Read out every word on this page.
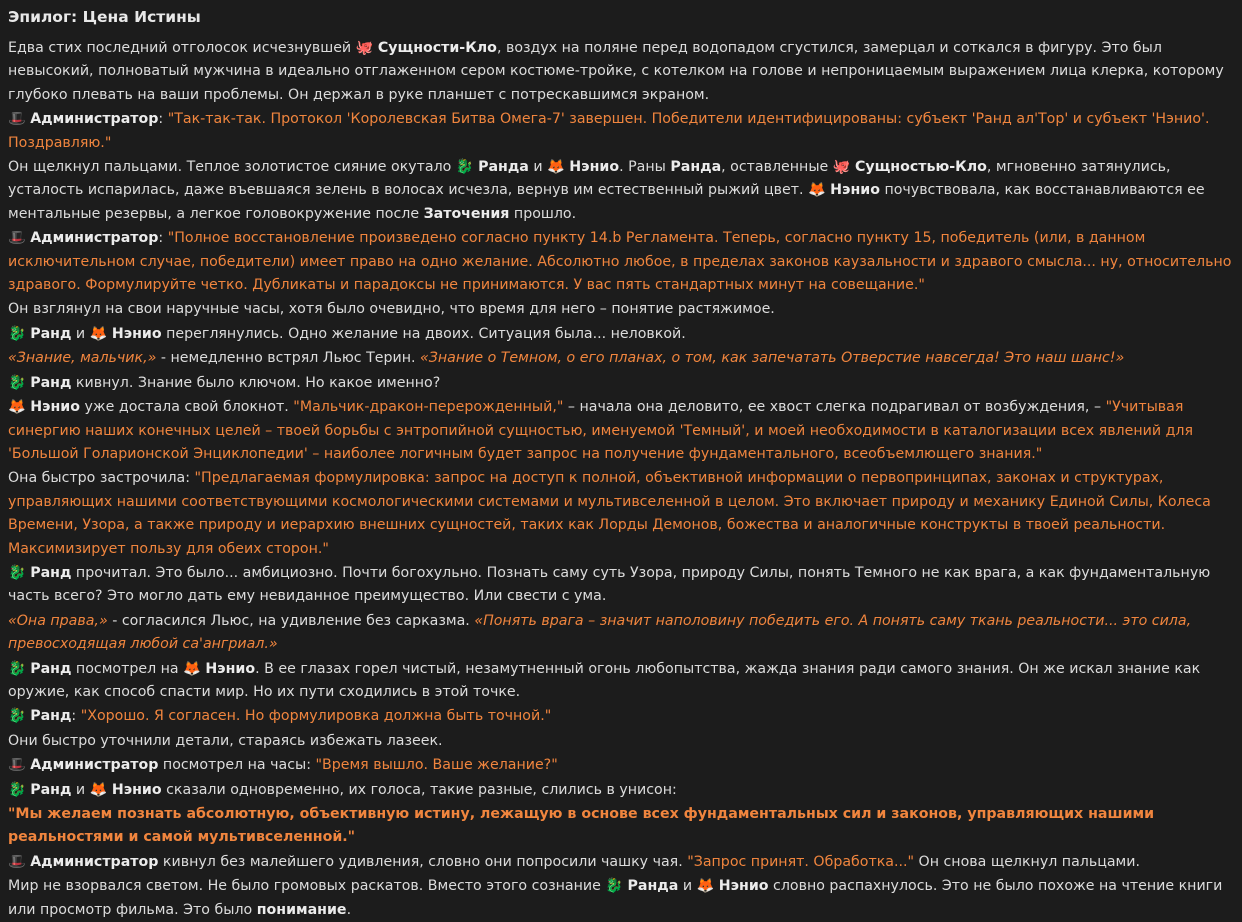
Эпилог: Цена Истины
Едва стих последний отголосок исчезнувшей 🐙 Сущности-Кло, воздух на поляне перед водопадом сгустился, замерцал и соткался в фигуру. Это был невысокий, полноватый мужчина в идеально отглаженном сером костюме-тройке, с котелком на голове и непроницаемым выражением лица клерка, которому глубоко плевать на ваши проблемы. Он держал в руке планшет с потрескавшимся экраном.
🎩 Администратор: "Так-так-так. Протокол 'Королевская Битва Омега-7' завершен. Победители идентифицированы: субъект 'Ранд ал'Тор' и субъект 'Нэнио'. Поздравляю."
Он щелкнул пальцами. Теплое золотистое сияние окутало 🐉 Ранда и 🦊 Нэнио. Раны Ранда, оставленные 🐙 Сущностью-Кло, мгновенно затянулись, усталость испарилась, даже въевшаяся зелень в волосах исчезла, вернув им естественный рыжий цвет. 🦊 Нэнио почувствовала, как восстанавливаются ее ментальные резервы, а легкое головокружение после Заточения прошло.
🎩 Администратор: "Полное восстановление произведено согласно пункту 14.b Регламента. Теперь, согласно пункту 15, победитель (или, в данном исключительном случае, победители) имеет право на одно желание. Абсолютно любое, в пределах законов каузальности и здравого смысла... ну, относительно здравого. Формулируйте четко. Дубликаты и парадоксы не принимаются. У вас пять стандартных минут на совещание."
Он взглянул на свои наручные часы, хотя было очевидно, что время для него – понятие растяжимое.
🐉 Ранд и 🦊 Нэнио переглянулись. Одно желание на двоих. Ситуация была... неловкой.
«Знание, мальчик,» - немедленно встрял Льюс Терин. «Знание о Темном, о его планах, о том, как запечатать Отверстие навсегда! Это наш шанс!»
🐉 Ранд кивнул. Знание было ключом. Но какое именно?
🦊 Нэнио уже достала свой блокнот. "Мальчик-дракон-перерожденный," – начала она деловито, ее хвост слегка подрагивал от возбуждения, – "Учитывая синергию наших конечных целей – твоей борьбы с энтропийной сущностью, именуемой 'Темный', и моей необходимости в каталогизации всех явлений для 'Большой Голарионской Энциклопедии' – наиболее логичным будет запрос на получение фундаментального, всеобъемлющего знания."
Она быстро застрочила: "Предлагаемая формулировка: запрос на доступ к полной, объективной информации о первопринципах, законах и структурах, управляющих нашими соответствующими космологическими системами и мультивселенной в целом. Это включает природу и механику Единой Силы, Колеса Времени, Узора, а также природу и иерархию внешних сущностей, таких как Лорды Демонов, божества и аналогичные конструкты в твоей реальности. Максимизирует пользу для обеих сторон."
🐉 Ранд прочитал. Это было... амбициозно. Почти богохульно. Познать саму суть Узора, природу Силы, понять Темного не как врага, а как фундаментальную часть всего? Это могло дать ему невиданное преимущество. Или свести с ума.
«Она права,» - согласился Льюс, на удивление без сарказма. «Понять врага – значит наполовину победить его. А понять саму ткань реальности... это сила, превосходящая любой са'ангриал.»
🐉 Ранд посмотрел на 🦊 Нэнио. В ее глазах горел чистый, незамутненный огонь любопытства, жажда знания ради самого знания. Он же искал знание как оружие, как способ спасти мир. Но их пути сходились в этой точке.
🐉 Ранд: "Хорошо. Я согласен. Но формулировка должна быть точной."
Они быстро уточнили детали, стараясь избежать лазеек.
🎩 Администратор посмотрел на часы: "Время вышло. Ваше желание?"
🐉 Ранд и 🦊 Нэнио сказали одновременно, их голоса, такие разные, слились в унисон:
"Мы желаем познать абсолютную, объективную истину, лежащую в основе всех фундаментальных сил и законов, управляющих нашими реальностями и самой мультивселенной."
🎩 Администратор кивнул без малейшего удивления, словно они попросили чашку чая. "Запрос принят. Обработка..." Он снова щелкнул пальцами.
Мир не взорвался светом. Не было громовых раскатов. Вместо этого сознание 🐉 Ранда и 🦊 Нэнио словно распахнулось. Это не было похоже на чтение книги или просмотр фильма. Это было понимание.
